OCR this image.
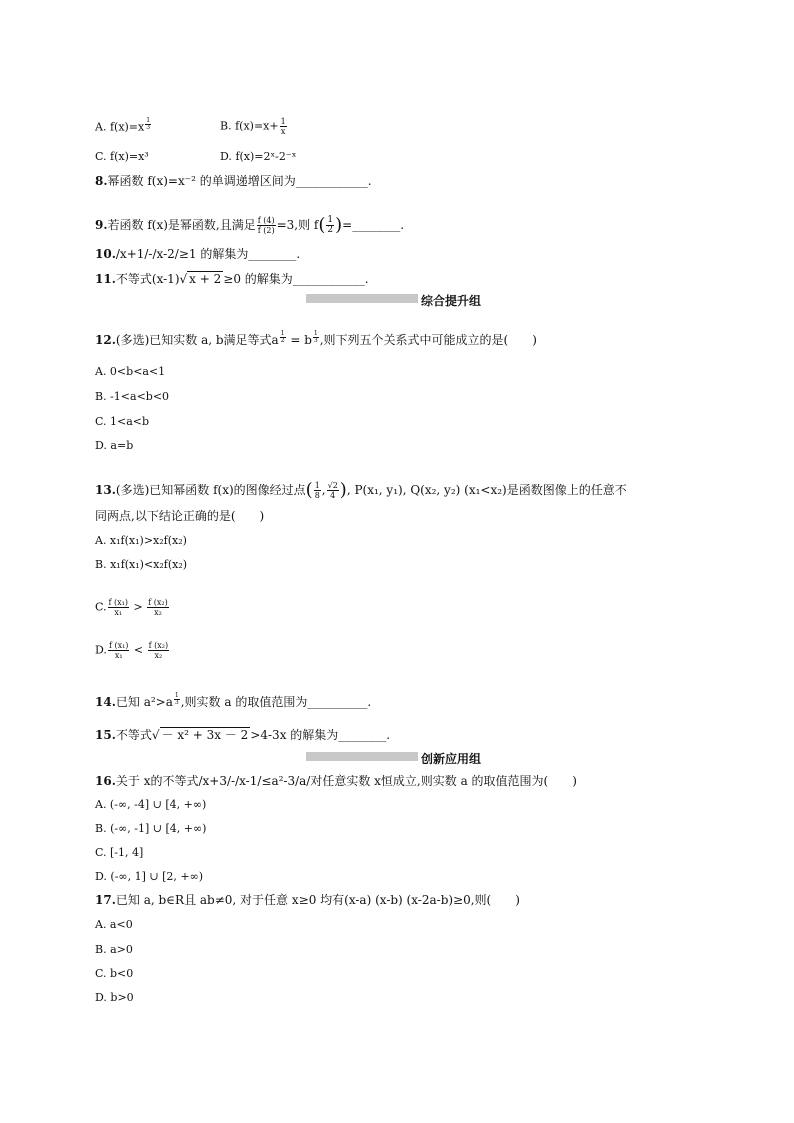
A. f(x)=x $^{\frac{1}{3}}$	B. $f(x)=x+ \frac{1}{x}$
C. f(x)=x³	D. f(x)=2ˣ-2⁻ˣ
8.幂函数 f(x)=x⁻² 的单调递增区间为____________.
9.若函数 f(x)是幂函数,且满足 $\frac{f (4)}{f (2)} =3$,则 $f( \frac{1}{2}$ )=________.
10./x+1/-/x-2/≥1 的解集为________.
11.不等式(x-1)√ x + 2 ≥0 的解集为____________.
综合提升组
12.(多选)已知实数 a, b满足等式a $^{\frac{1}{2}}$ = b $^{\frac{1}{3}}$ ,则下列五个关系式中可能成立的是(　　)
A. 0<b<a<1
B. -1<a<b<0
C. 1<a<b
D. a=b
13.(多选)已知幂函数 f(x)的图像经过点( $\frac{1}{8}$ , $\frac{√2}{4}$ ), P(x₁, y₁), Q(x₂, y₂) (x₁<x₂)是函数图像上的任意不
同两点,以下结论正确的是(　　)
A. x₁f(x₁)>x₂f(x₂)
B. x₁f(x₁)<x₂f(x₂)
C. $\frac{\text{f (x₁)}}{\text{x₁}} > \frac{\text{f (x₂)}}{\text{x₂}}$
D. $\frac{\text{f (x₁)}}{\text{x₁}} < \frac{\text{f (x₂)}}{\text{x₂}}$
14.已知 a²>a $^{\frac{1}{3}}$ ,则实数 a 的取值范围为__________.
15.不等式√ － x² + 3x － 2 >4-3x 的解集为________.
创新应用组
16.关于 x的不等式/x+3/-/x-1/≤a²-3/a/对任意实数 x恒成立,则实数 a 的取值范围为(　　)
A. (-∞, -4] ∪ [4, +∞)
B. (-∞, -1] ∪ [4, +∞)
C. [-1, 4]
D. (-∞, 1] ∪ [2, +∞)
17.已知 a, b∈R且 ab≠0, 对于任意 x≥0 均有(x-a) (x-b) (x-2a-b)≥0,则(　　)
A. a<0
B. a>0
C. b<0
D. b>0
